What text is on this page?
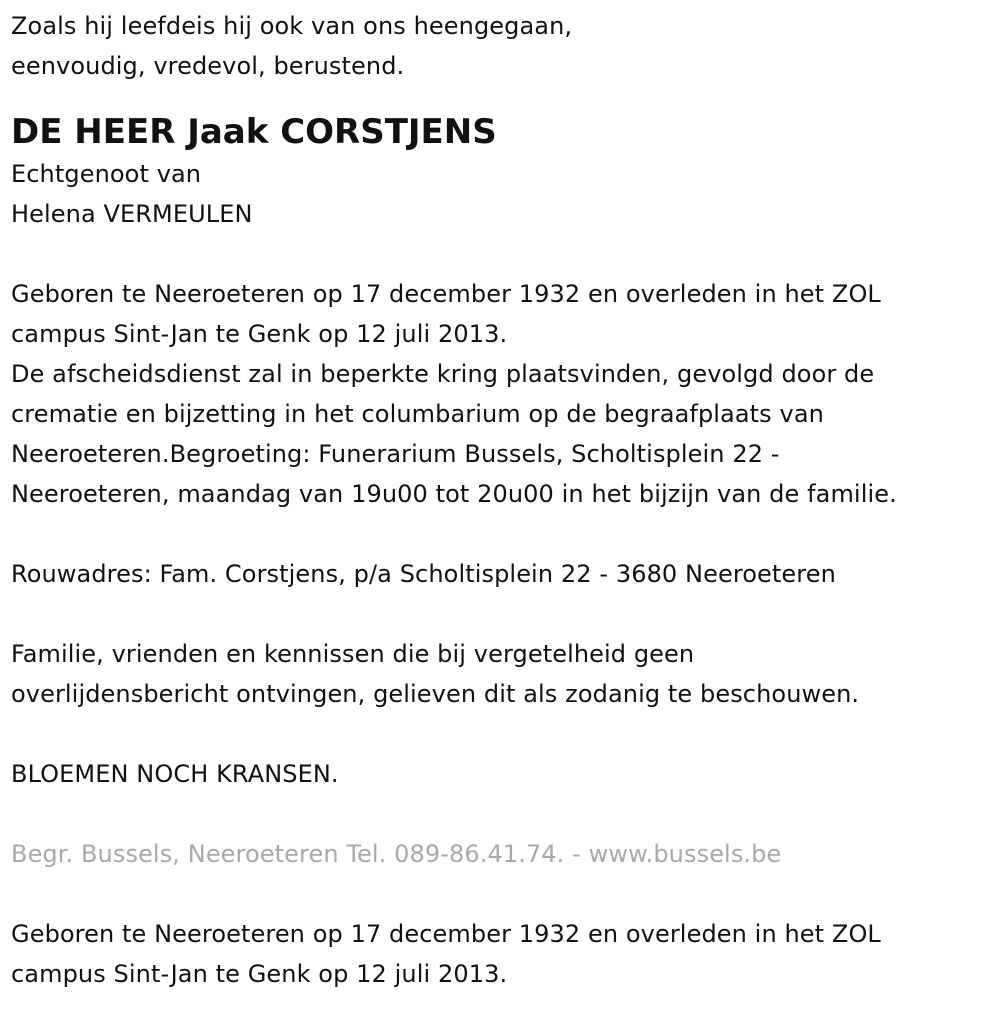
Zoals hij leefdeis hij ook van ons heengegaan,
eenvoudig, vredevol, berustend.
DE HEER Jaak CORSTJENS
Echtgenoot van
Helena VERMEULEN
Geboren te Neeroeteren op 17 december 1932 en overleden in het ZOL
campus Sint-Jan te Genk op 12 juli 2013.
De afscheidsdienst zal in beperkte kring plaatsvinden, gevolgd door de
crematie en bijzetting in het columbarium op de begraafplaats van
Neeroeteren.Begroeting: Funerarium Bussels, Scholtisplein 22 -
Neeroeteren, maandag van 19u00 tot 20u00 in het bijzijn van de familie.
Rouwadres: Fam. Corstjens, p/a Scholtisplein 22 - 3680 Neeroeteren
Familie, vrienden en kennissen die bij vergetelheid geen
overlijdensbericht ontvingen, gelieven dit als zodanig te beschouwen.
BLOEMEN NOCH KRANSEN.
Begr. Bussels, Neeroeteren Tel. 089-86.41.74. - www.bussels.be
Geboren te Neeroeteren op 17 december 1932 en overleden in het ZOL
campus Sint-Jan te Genk op 12 juli 2013.
